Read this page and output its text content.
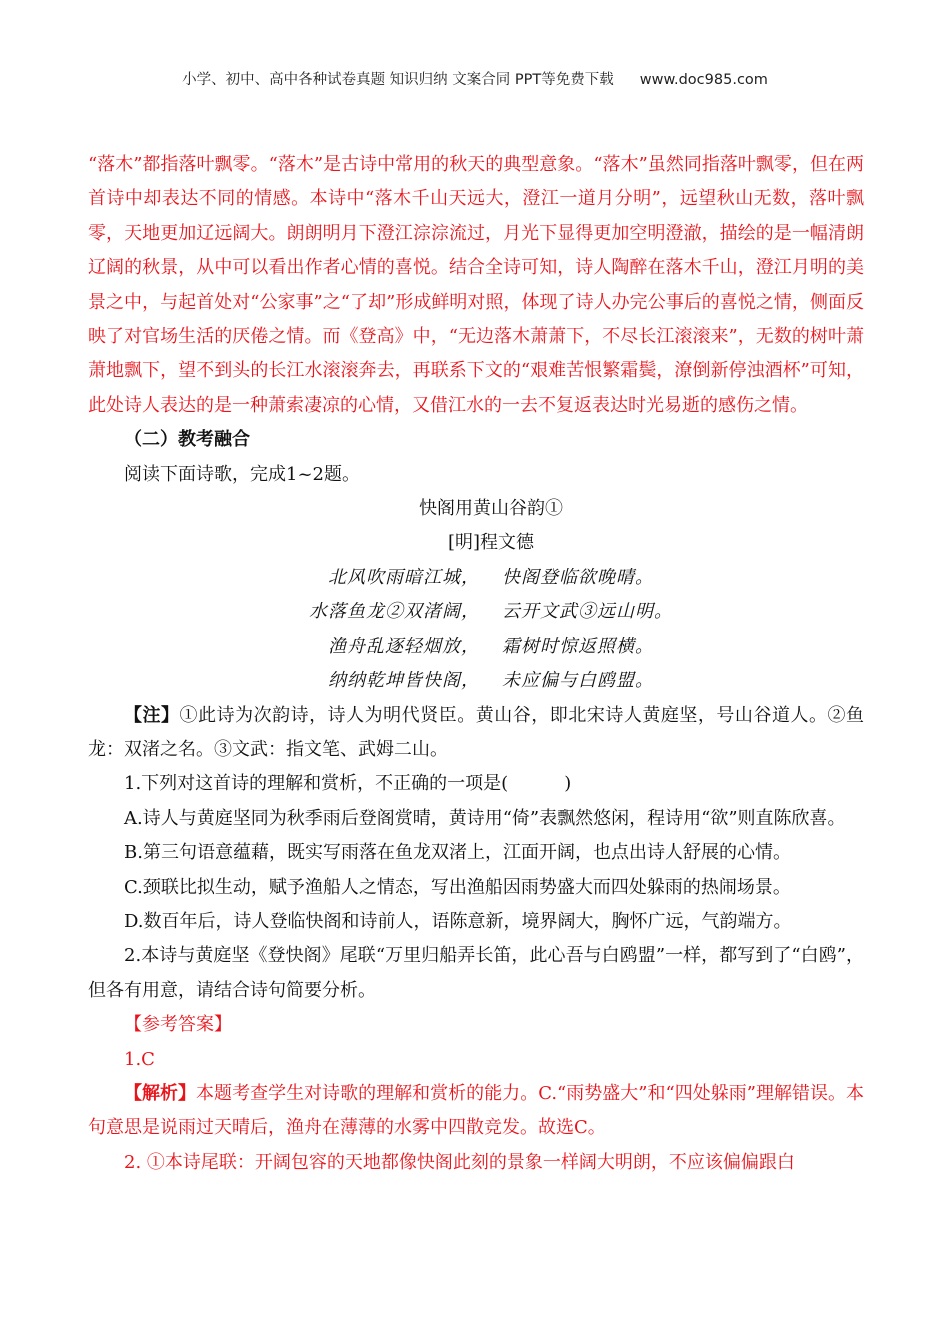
小学、初中、高中各种试卷真题 知识归纳 文案合同 PPT等免费下载 www.doc985.com

“落木”都指落叶飘零。“落木”是古诗中常用的秋天的典型意象。“落木”虽然同指落叶飘零，但在两首诗中却表达不同的情感。本诗中“落木千山天远大，澄江一道月分明”，远望秋山无数，落叶飘零，天地更加辽远阔大。朗朗明月下澄江淙淙流过，月光下显得更加空明澄澈，描绘的是一幅清朗辽阔的秋景，从中可以看出作者心情的喜悦。结合全诗可知，诗人陶醉在落木千山，澄江月明的美景之中，与起首处对“公家事”之“了却”形成鲜明对照，体现了诗人办完公事后的喜悦之情，侧面反映了对官场生活的厌倦之情。而《登高》中，“无边落木萧萧下，不尽长江滚滚来”，无数的树叶萧萧地飘下，望不到头的长江水滚滚奔去，再联系下文的“艰难苦恨繁霜鬓，潦倒新停浊酒杯”可知，此处诗人表达的是一种萧索凄凉的心情，又借江水的一去不复返表达时光易逝的感伤之情。

（二）教考融合

阅读下面诗歌，完成1~2题。

快阁用黄山谷韵①

[明]程文德

北风吹雨暗江城， 快阁登临欲晚晴。

水落鱼龙②双渚阔， 云开文武③远山明。

渔舟乱逐轻烟放， 霜树时惊返照横。

纳纳乾坤皆快阁， 未应偏与白鸥盟。

【注】①此诗为次韵诗，诗人为明代贤臣。黄山谷，即北宋诗人黄庭坚，号山谷道人。②鱼龙：双渚之名。③文武：指文笔、武姆二山。

1.下列对这首诗的理解和赏析，不正确的一项是(	)

A.诗人与黄庭坚同为秋季雨后登阁赏晴，黄诗用“倚”表飘然悠闲，程诗用“欲”则直陈欣喜。

B.第三句语意蕴藉，既实写雨落在鱼龙双渚上，江面开阔，也点出诗人舒展的心情。

C.颈联比拟生动，赋予渔船人之情态，写出渔船因雨势盛大而四处躲雨的热闹场景。

D.数百年后，诗人登临快阁和诗前人，语陈意新，境界阔大，胸怀广远，气韵端方。

2.本诗与黄庭坚《登快阁》尾联“万里归船弄长笛，此心吾与白鸥盟”一样，都写到了“白鸥”，但各有用意，请结合诗句简要分析。

【参考答案】

1.C

【解析】本题考查学生对诗歌的理解和赏析的能力。C.“雨势盛大”和“四处躲雨”理解错误。本句意思是说雨过天晴后，渔舟在薄薄的水雾中四散竞发。故选C。

2. ①本诗尾联：开阔包容的天地都像快阁此刻的景象一样阔大明朗，不应该偏偏跟白
